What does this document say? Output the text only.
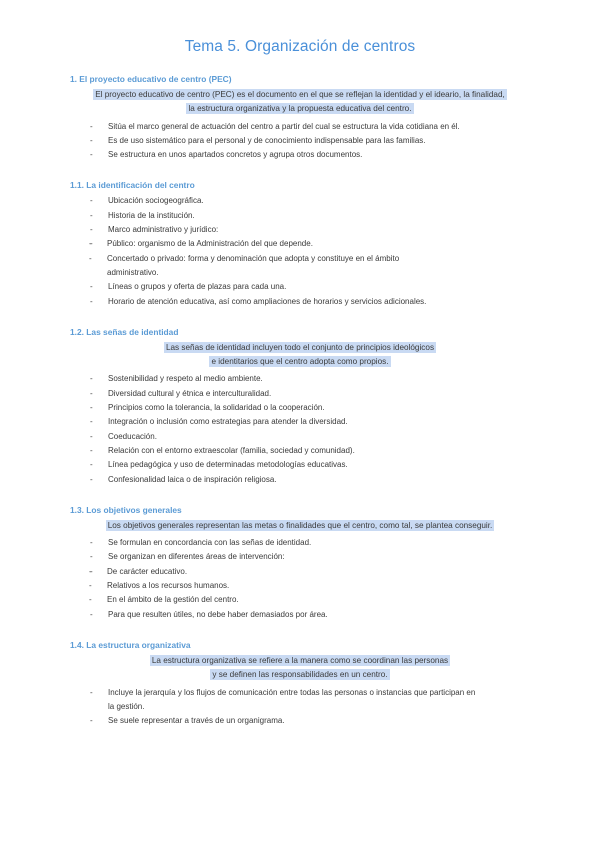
Tema 5. Organización de centros
1. El proyecto educativo de centro (PEC)
El proyecto educativo de centro (PEC) es el documento en el que se reflejan la identidad y el ideario, la finalidad,
la estructura organizativa y la propuesta educativa del centro.
- Sitúa el marco general de actuación del centro a partir del cual se estructura la vida cotidiana en él.
- Es de uso sistemático para el personal y de conocimiento indispensable para las familias.
- Se estructura en unos apartados concretos y agrupa otros documentos.
1.1. La identificación del centro
- Ubicación sociogeográfica.
- Historia de la institución.
- Marco administrativo y jurídico:
- - Público: organismo de la Administración del que depende.
- Concertado o privado: forma y denominación que adopta y constituye en el ámbito
administrativo.
- Líneas o grupos y oferta de plazas para cada una.
- Horario de atención educativa, así como ampliaciones de horarios y servicios adicionales.
1.2. Las señas de identidad
Las señas de identidad incluyen todo el conjunto de principios ideológicos
e identitarios que el centro adopta como propios.
- Sostenibilidad y respeto al medio ambiente.
- Diversidad cultural y étnica e interculturalidad.
- Principios como la tolerancia, la solidaridad o la cooperación.
- Integración o inclusión como estrategias para atender la diversidad.
- Coeducación.
- Relación con el entorno extraescolar (familia, sociedad y comunidad).
- Línea pedagógica y uso de determinadas metodologías educativas.
- Confesionalidad laica o de inspiración religiosa.
1.3. Los objetivos generales
Los objetivos generales representan las metas o finalidades que el centro, como tal, se plantea conseguir.
- Se formulan en concordancia con las señas de identidad.
- Se organizan en diferentes áreas de intervención:
- - De carácter educativo.
- Relativos a los recursos humanos.
- En el ámbito de la gestión del centro.
- Para que resulten útiles, no debe haber demasiados por área.
1.4. La estructura organizativa
La estructura organizativa se refiere a la manera como se coordinan las personas
y se definen las responsabilidades en un centro.
- Incluye la jerarquía y los flujos de comunicación entre todas las personas o instancias que participan en
la gestión.
- Se suele representar a través de un organigrama.
